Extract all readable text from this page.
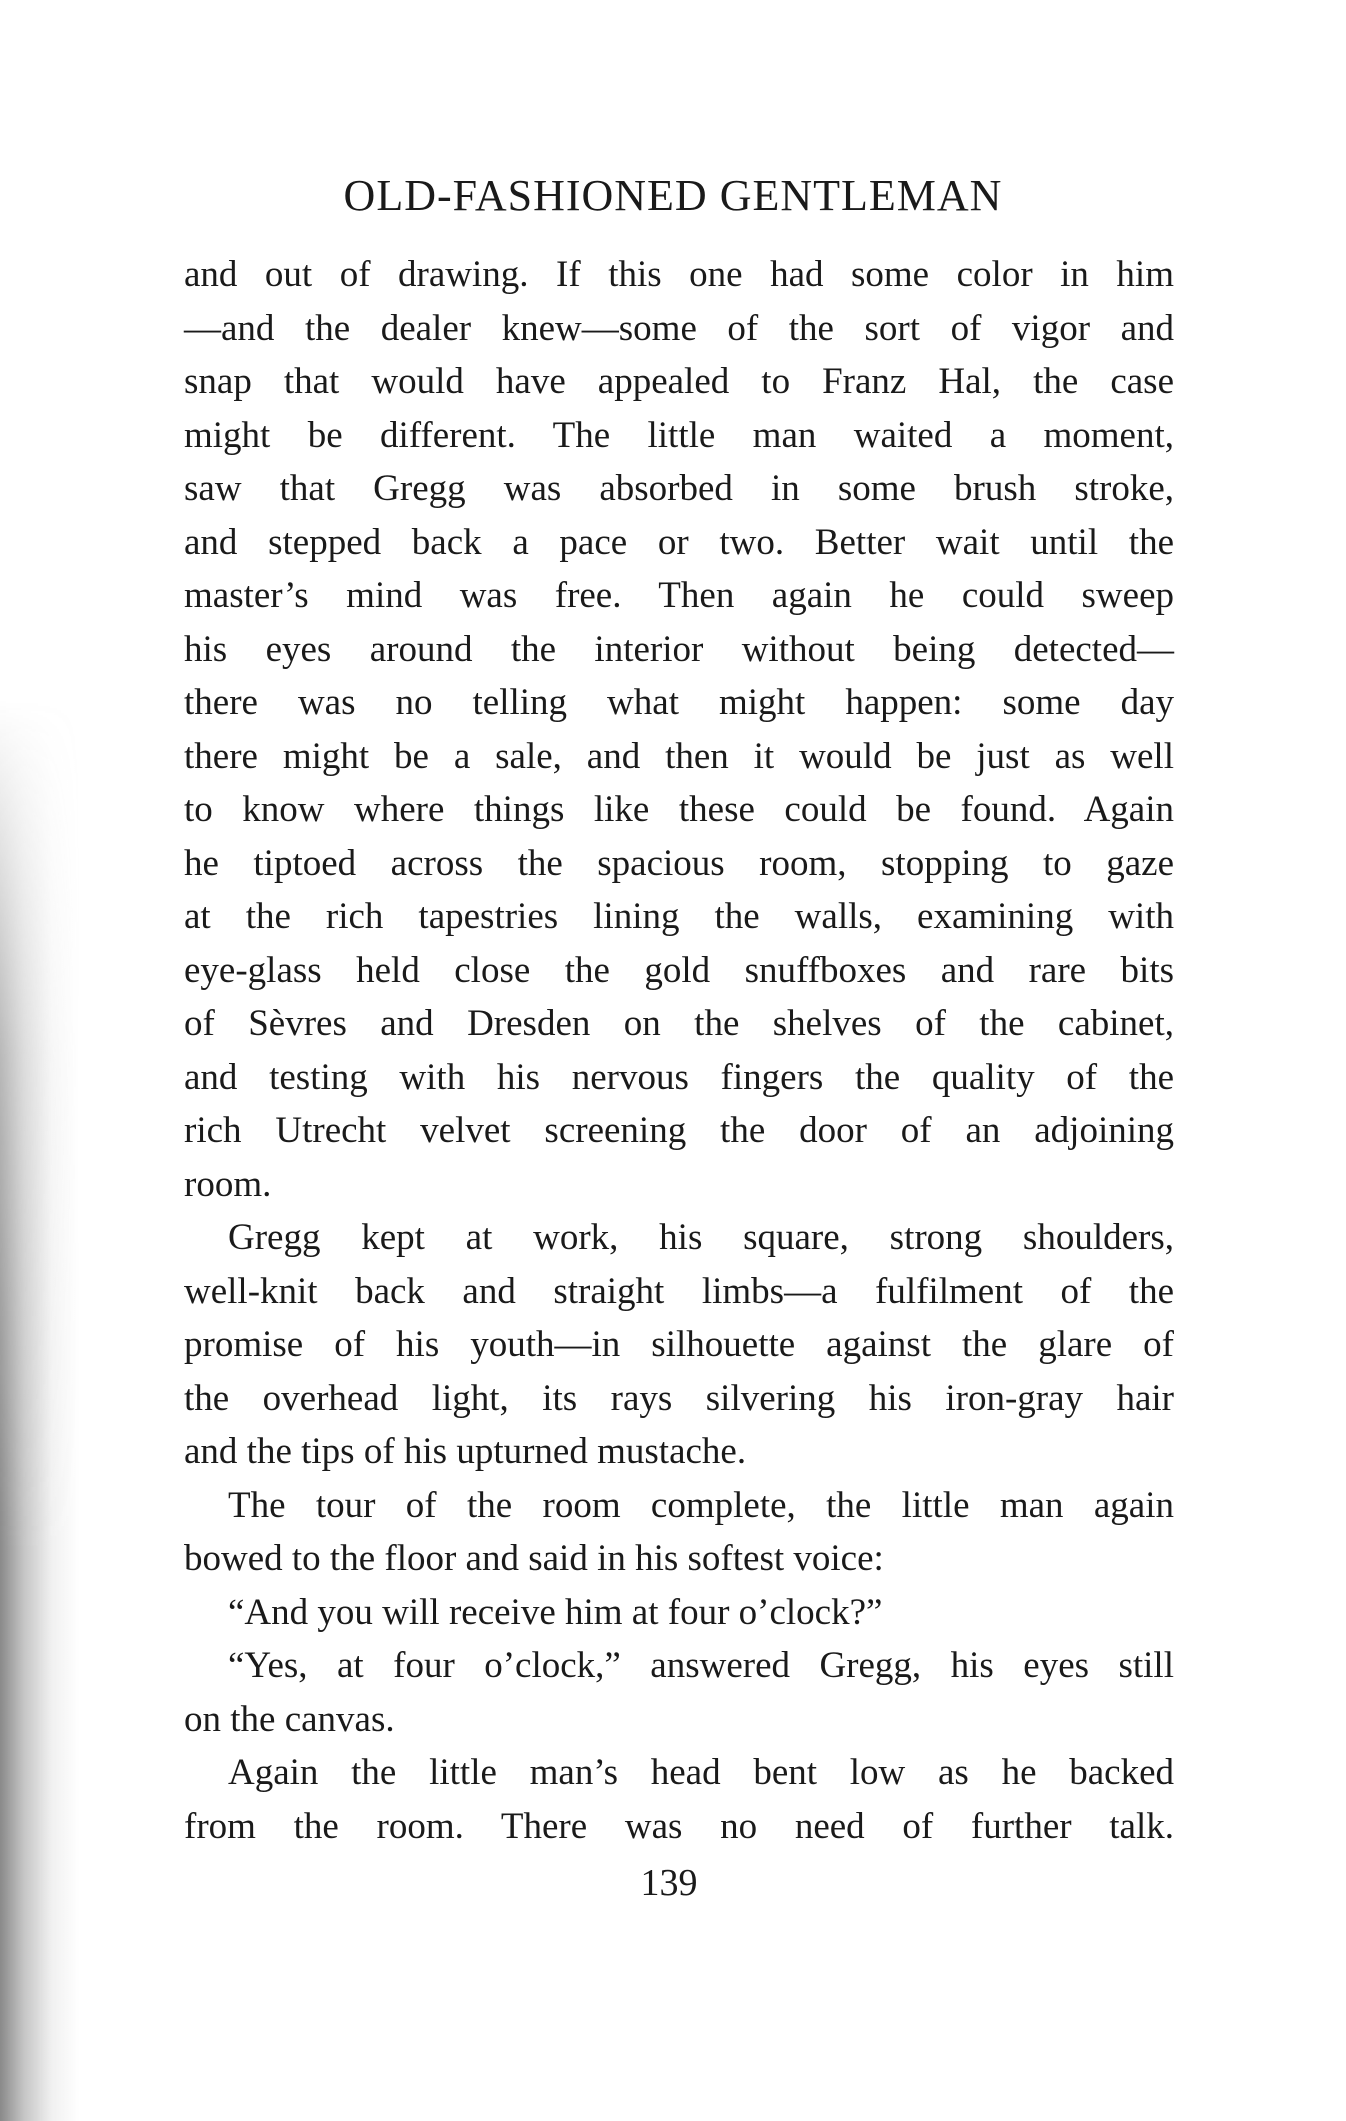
OLD-FASHIONED GENTLEMAN
and out of drawing. If this one had some color in him
—and the dealer knew—some of the sort of vigor and
snap that would have appealed to Franz Hal, the case
might be different. The little man waited a moment,
saw that Gregg was absorbed in some brush stroke,
and stepped back a pace or two. Better wait until the
master’s mind was free. Then again he could sweep
his eyes around the interior without being detected—
there was no telling what might happen: some day
there might be a sale, and then it would be just as well
to know where things like these could be found. Again
he tiptoed across the spacious room, stopping to gaze
at the rich tapestries lining the walls, examining with
eye-glass held close the gold snuffboxes and rare bits
of Sèvres and Dresden on the shelves of the cabinet,
and testing with his nervous fingers the quality of the
rich Utrecht velvet screening the door of an adjoining
room.
Gregg kept at work, his square, strong shoulders,
well-knit back and straight limbs—a fulfilment of the
promise of his youth—in silhouette against the glare of
the overhead light, its rays silvering his iron-gray hair
and the tips of his upturned mustache.
The tour of the room complete, the little man again
bowed to the floor and said in his softest voice:
“And you will receive him at four o’clock?”
“Yes, at four o’clock,” answered Gregg, his eyes still
on the canvas.
Again the little man’s head bent low as he backed
from the room. There was no need of further talk.
139
